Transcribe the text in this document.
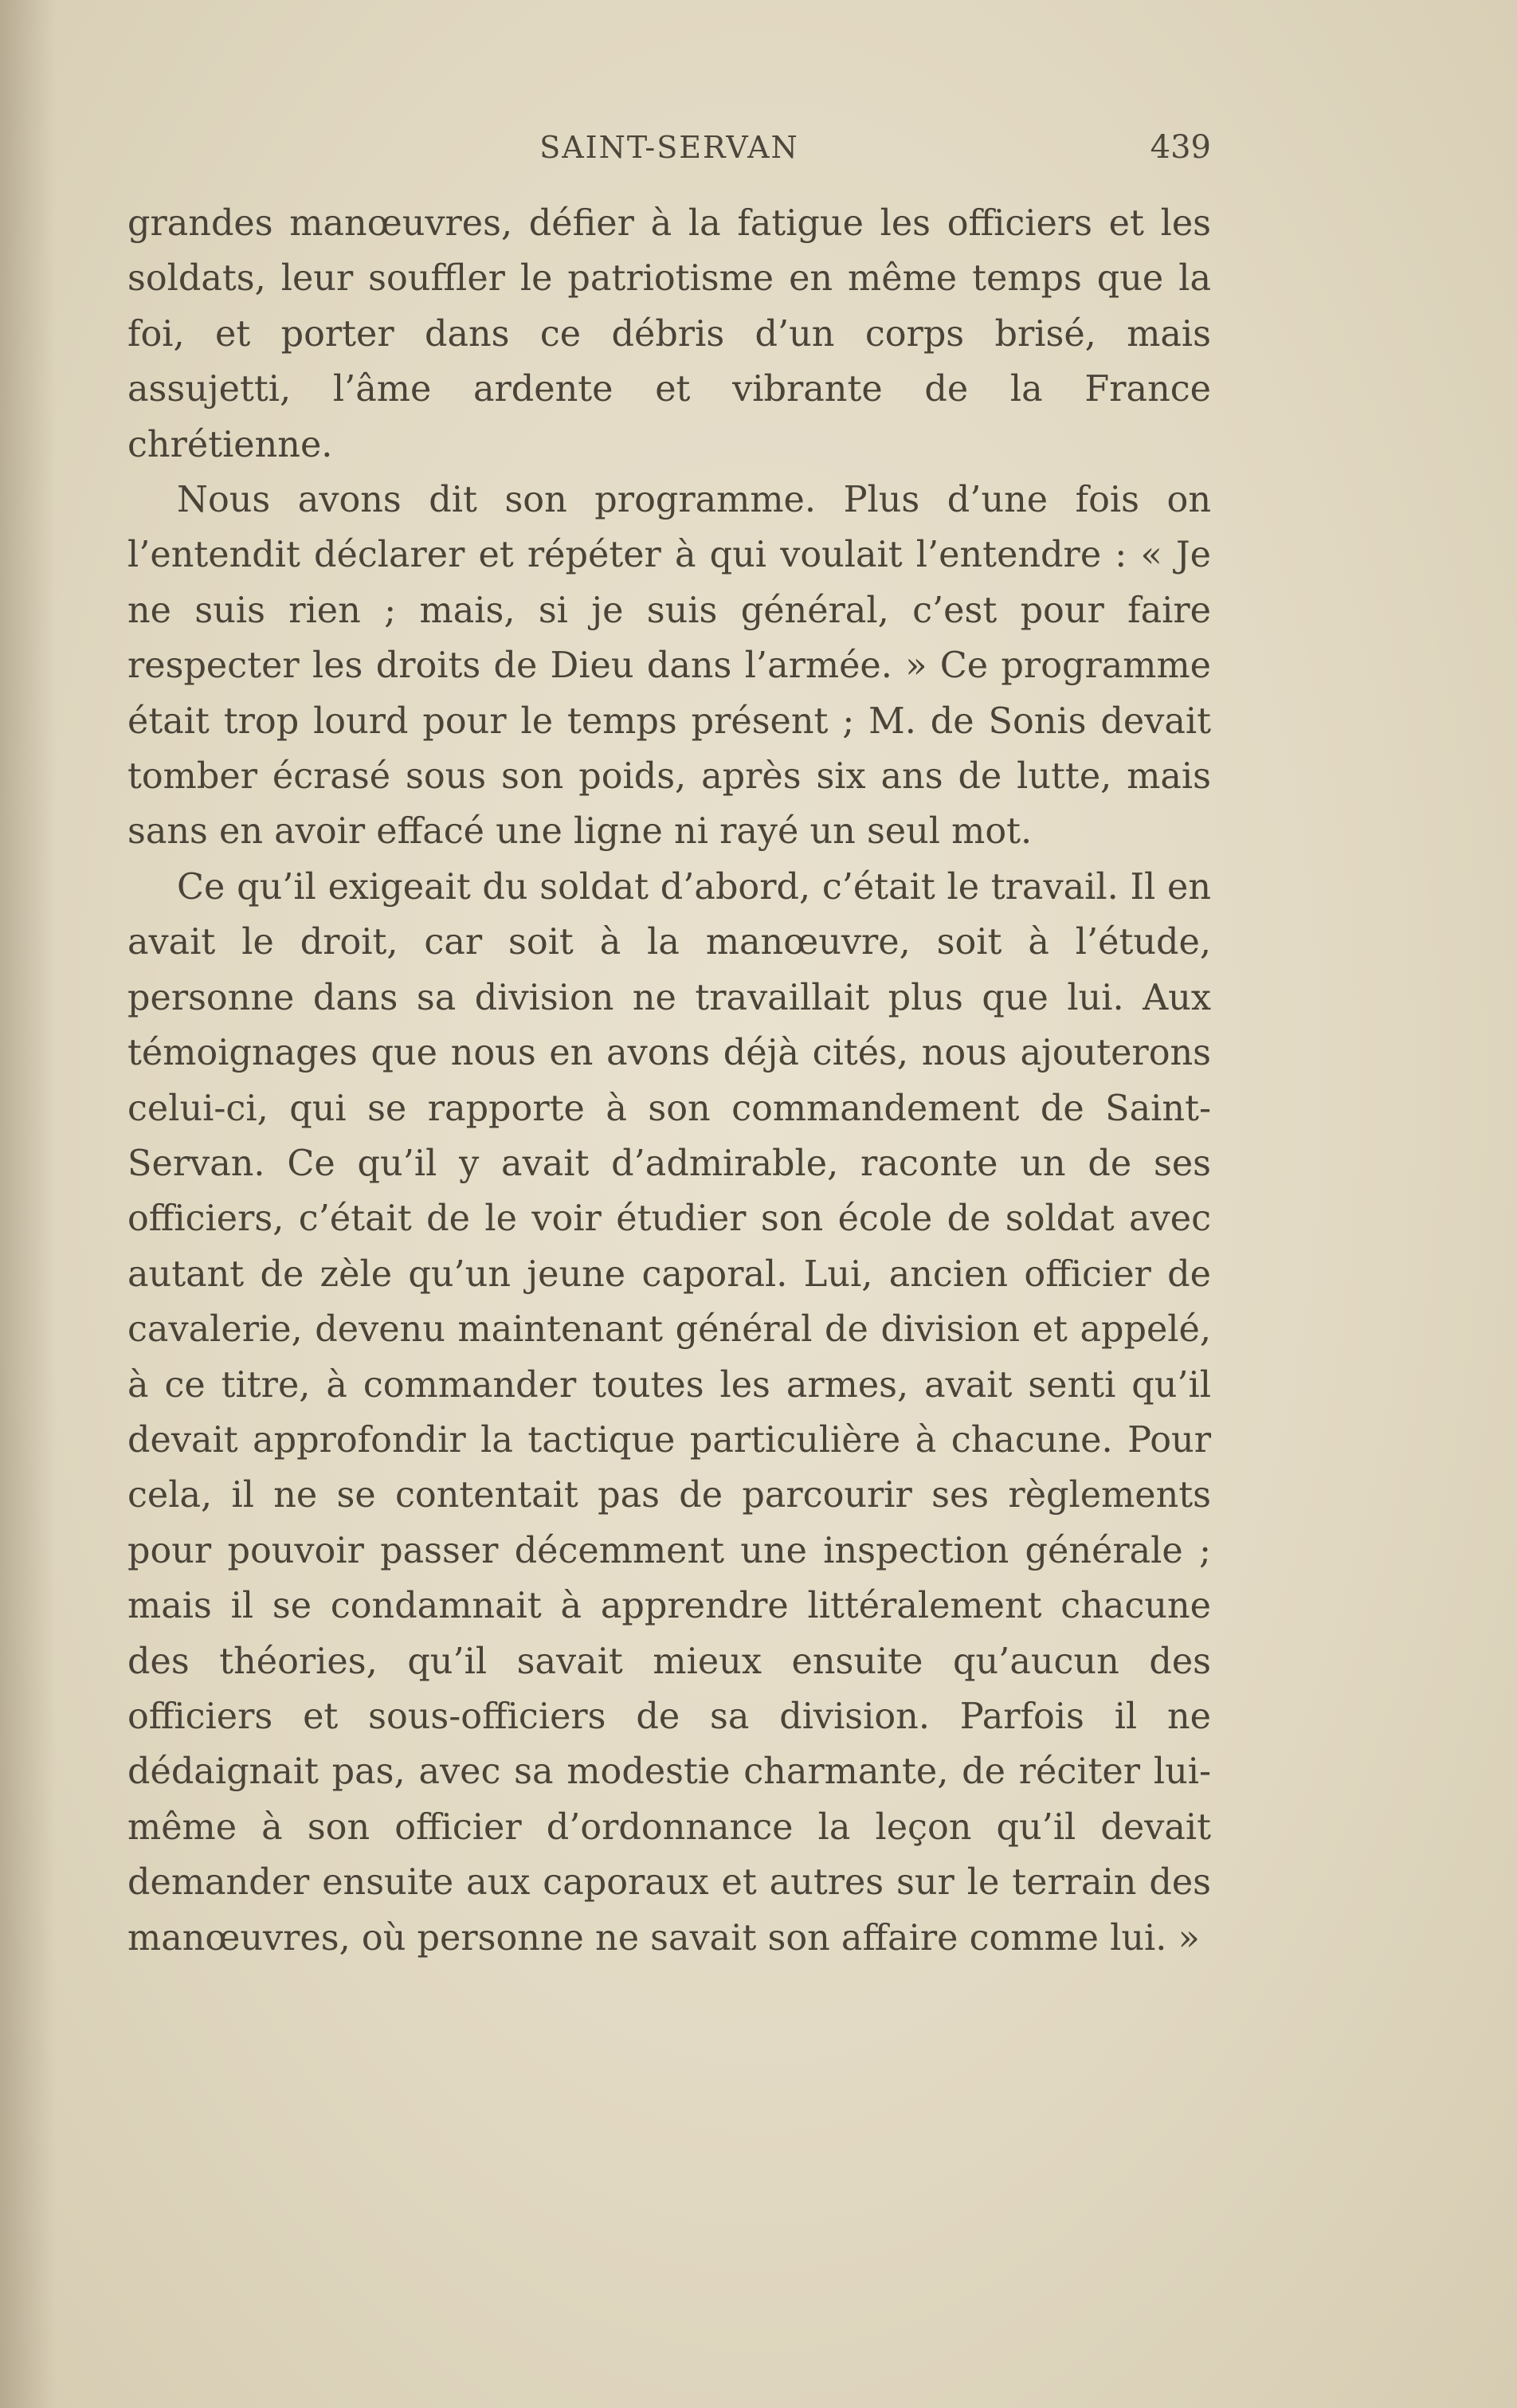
SAINT-SERVAN	439

grandes manœuvres, défier à la fatigue les officiers et les soldats, leur souffler le patriotisme en même temps que la foi, et porter dans ce débris d’un corps brisé, mais assujetti, l’âme ardente et vibrante de la France chrétienne.

Nous avons dit son programme. Plus d’une fois on l’entendit déclarer et répéter à qui voulait l’entendre : « Je ne suis rien ; mais, si je suis général, c’est pour faire respecter les droits de Dieu dans l’armée. » Ce programme était trop lourd pour le temps présent ; M. de Sonis devait tomber écrasé sous son poids, après six ans de lutte, mais sans en avoir effacé une ligne ni rayé un seul mot.

Ce qu’il exigeait du soldat d’abord, c’était le travail. Il en avait le droit, car soit à la manœuvre, soit à l’étude, personne dans sa division ne travaillait plus que lui. Aux témoignages que nous en avons déjà cités, nous ajouterons celui-ci, qui se rapporte à son commandement de Saint-Servan. Ce qu’il y avait d’admirable, raconte un de ses officiers, c’était de le voir étudier son école de soldat avec autant de zèle qu’un jeune caporal. Lui, ancien officier de cavalerie, devenu maintenant général de division et appelé, à ce titre, à commander toutes les armes, avait senti qu’il devait approfondir la tactique particulière à chacune. Pour cela, il ne se contentait pas de parcourir ses règlements pour pouvoir passer décemment une inspection générale ; mais il se condamnait à apprendre littéralement chacune des théories, qu’il savait mieux ensuite qu’aucun des officiers et sous-officiers de sa division. Parfois il ne dédaignait pas, avec sa modestie charmante, de réciter lui-même à son officier d’ordonnance la leçon qu’il devait demander ensuite aux caporaux et autres sur le terrain des manœuvres, où personne ne savait son affaire comme lui. »
